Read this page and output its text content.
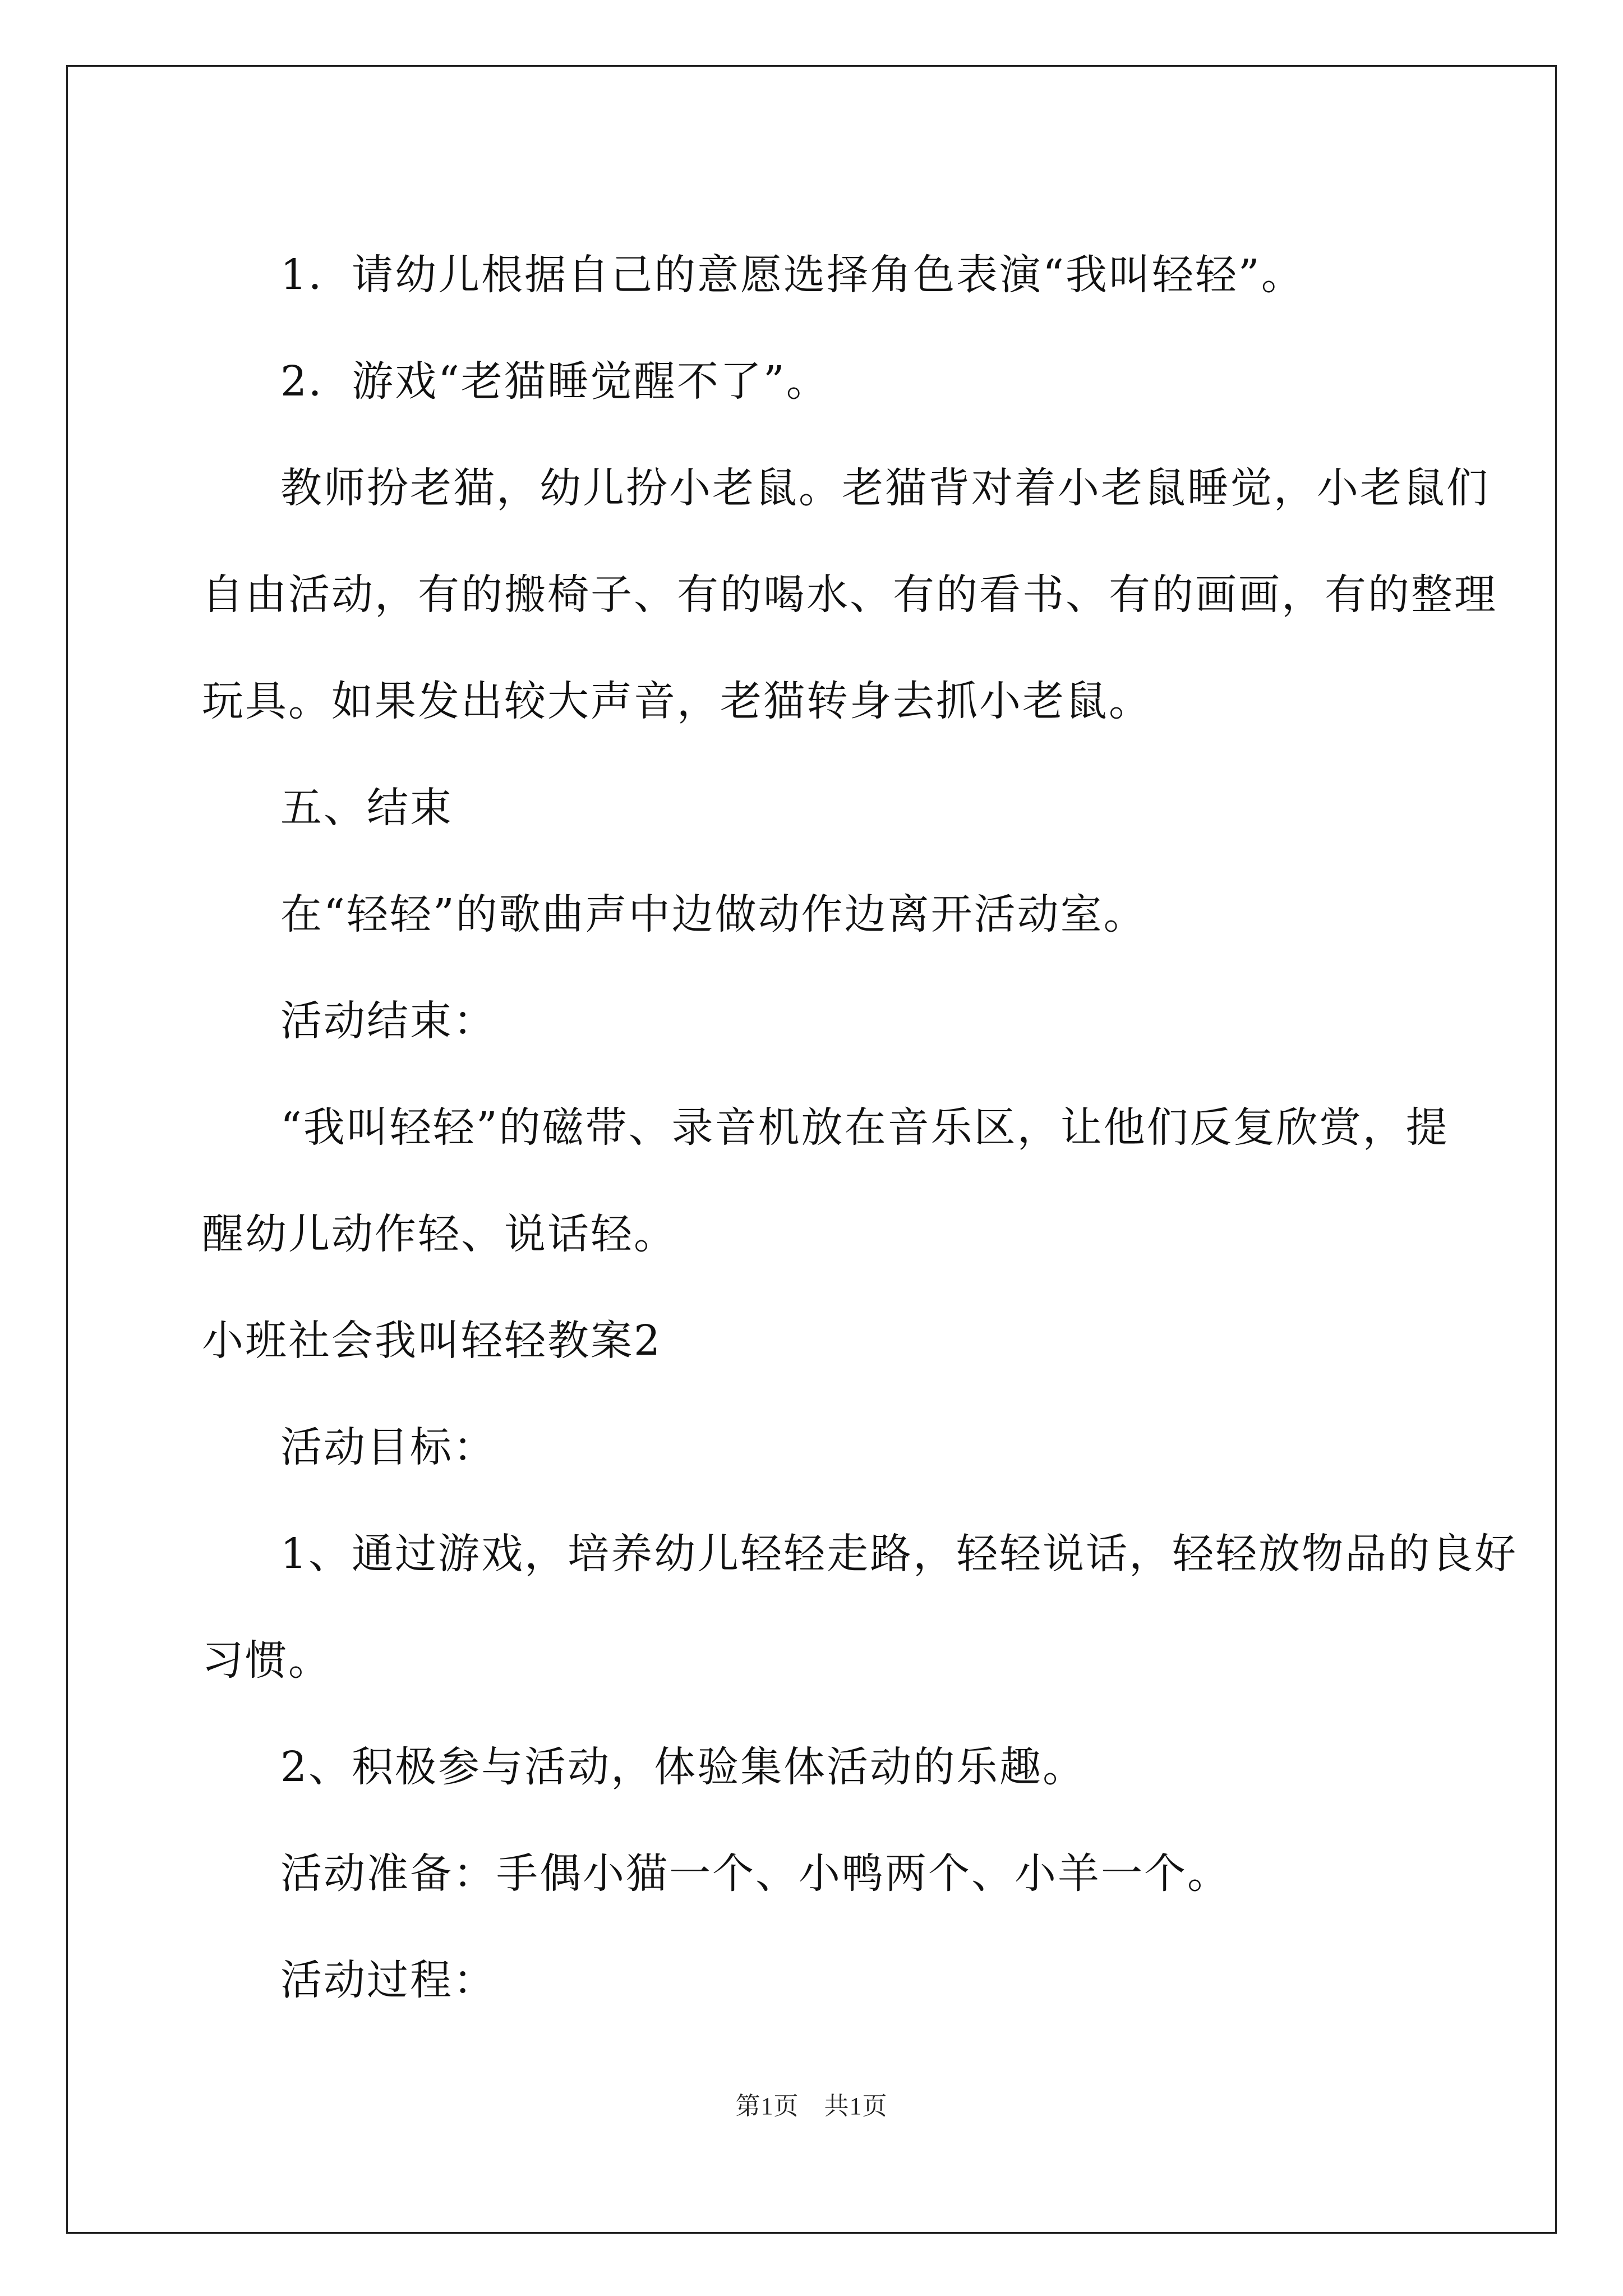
1．请幼儿根据自己的意愿选择角色表演“我叫轻轻”。

2．游戏“老猫睡觉醒不了”。

教师扮老猫，幼儿扮小老鼠。老猫背对着小老鼠睡觉，小老鼠们

自由活动，有的搬椅子、有的喝水、有的看书、有的画画，有的整理

玩具。如果发出较大声音，老猫转身去抓小老鼠。

五、结束

在“轻轻”的歌曲声中边做动作边离开活动室。

活动结束：

“我叫轻轻”的磁带、录音机放在音乐区，让他们反复欣赏，提

醒幼儿动作轻、说话轻。

小班社会我叫轻轻教案2

活动目标：

1、通过游戏，培养幼儿轻轻走路，轻轻说话，轻轻放物品的良好

习惯。

2、积极参与活动，体验集体活动的乐趣。

活动准备：手偶小猫一个、小鸭两个、小羊一个。

活动过程：

第1页　共1页
